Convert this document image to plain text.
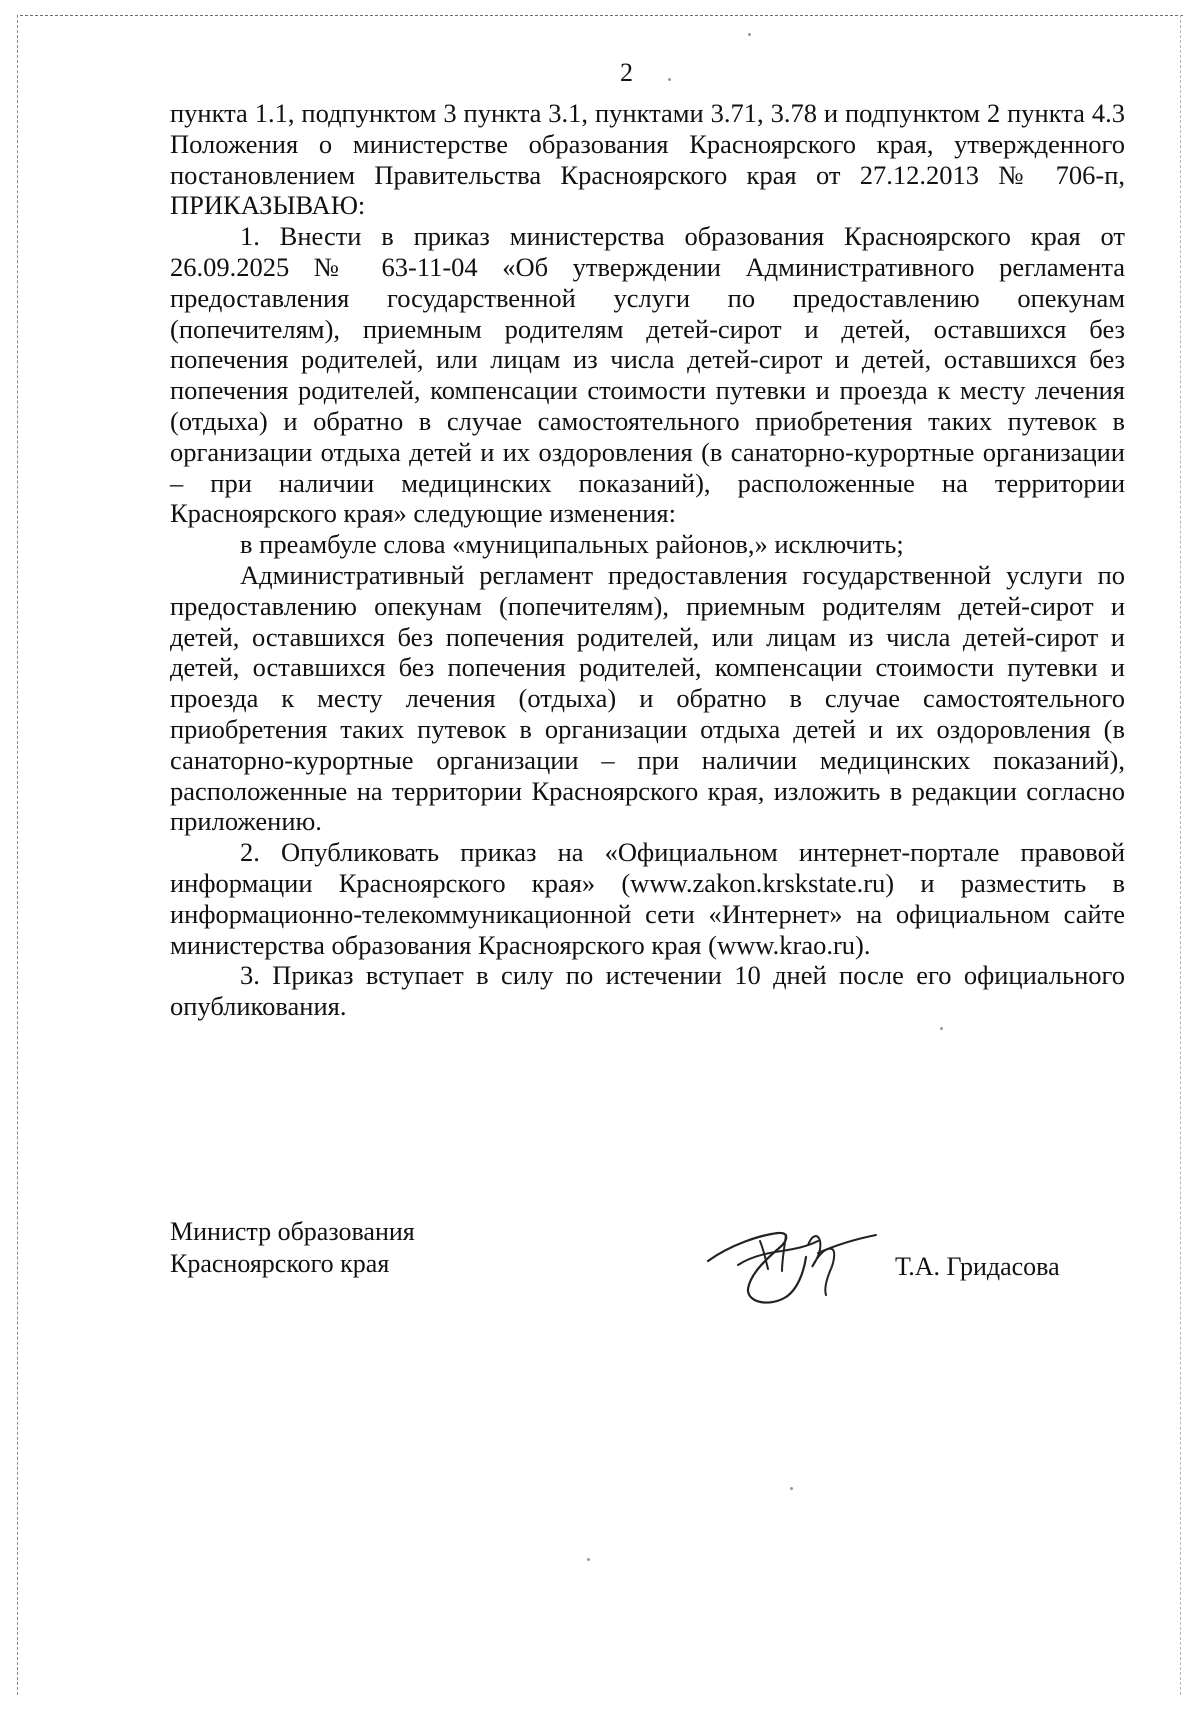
2

пункта 1.1, подпунктом 3 пункта 3.1, пунктами 3.71, 3.78 и подпунктом 2 пункта 4.3 Положения о министерстве образования Красноярского края, утвержденного постановлением Правительства Красноярского края от 27.12.2013 № 706-п, ПРИКАЗЫВАЮ:

1. Внести в приказ министерства образования Красноярского края от 26.09.2025 № 63-11-04 «Об утверждении Административного регламента предоставления государственной услуги по предоставлению опекунам (попечителям), приемным родителям детей-сирот и детей, оставшихся без попечения родителей, или лицам из числа детей-сирот и детей, оставшихся без попечения родителей, компенсации стоимости путевки и проезда к месту лечения (отдыха) и обратно в случае самостоятельного приобретения таких путевок в организации отдыха детей и их оздоровления (в санаторно-курортные организации – при наличии медицинских показаний), расположенные на территории Красноярского края» следующие изменения:

в преамбуле слова «муниципальных районов,» исключить;

Административный регламент предоставления государственной услуги по предоставлению опекунам (попечителям), приемным родителям детей-сирот и детей, оставшихся без попечения родителей, или лицам из числа детей-сирот и детей, оставшихся без попечения родителей, компенсации стоимости путевки и проезда к месту лечения (отдыха) и обратно в случае самостоятельного приобретения таких путевок в организации отдыха детей и их оздоровления (в санаторно-курортные организации – при наличии медицинских показаний), расположенные на территории Красноярского края, изложить в редакции согласно приложению.

2. Опубликовать приказ на «Официальном интернет-портале правовой информации Красноярского края» (www.zakon.krskstate.ru) и разместить в информационно-телекоммуникационной сети «Интернет» на официальном сайте министерства образования Красноярского края (www.krao.ru).

3. Приказ вступает в силу по истечении 10 дней после его официального опубликования.

Министр образования
Красноярского края	Т.А. Гридасова
